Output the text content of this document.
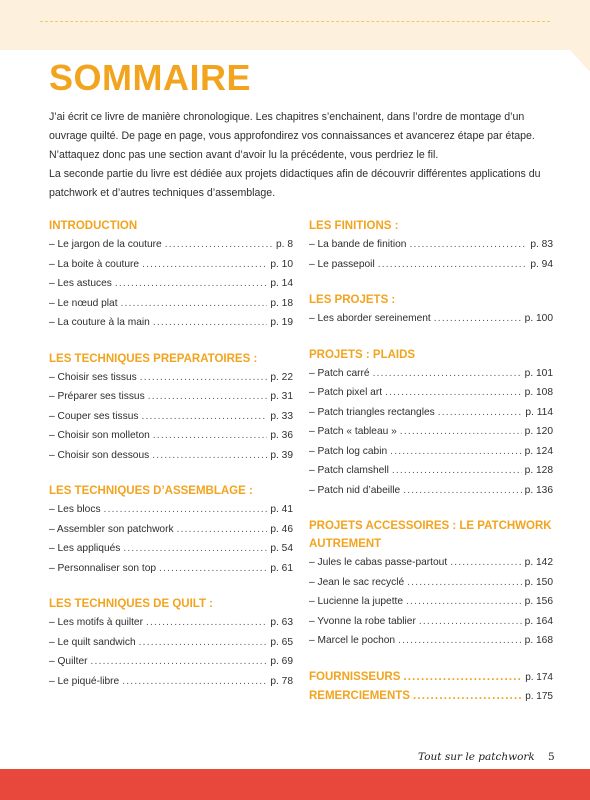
SOMMAIRE

J’ai écrit ce livre de manière chronologique. Les chapitres s’enchainent, dans l’ordre de montage d’un ouvrage quilté. De page en page, vous approfondirez vos connaissances et avancerez étape par étape. N’attaquez donc pas une section avant d’avoir lu la précédente, vous perdriez le fil.

La seconde partie du livre est dédiée aux projets didactiques afin de découvrir différentes applications du patchwork et d’autres techniques d’assemblage.

INTRODUCTION
– Le jargon de la couture .....	p. 8
– La boite à couture .....	p. 10
– Les astuces .....	p. 14
– Le nœud plat .....	p. 18
– La couture à la main .....	p. 19
LES TECHNIQUES PREPARATOIRES :
– Choisir ses tissus .....	p. 22
– Préparer ses tissus .....	p. 31
– Couper ses tissus .....	p. 33
– Choisir son molleton .....	p. 36
– Choisir son dessous .....	p. 39
LES TECHNIQUES D’ASSEMBLAGE :
– Les blocs .....	p. 41
– Assembler son patchwork .....	p. 46
– Les appliqués .....	p. 54
– Personnaliser son top .....	p. 61
LES TECHNIQUES DE QUILT :
– Les motifs à quilter .....	p. 63
– Le quilt sandwich .....	p. 65
– Quilter .....	p. 69
– Le piqué-libre .....	p. 78
LES FINITIONS :
– La bande de finition .....	p. 83
– Le passepoil .....	p. 94
LES PROJETS :
– Les aborder sereinement .....	p. 100
PROJETS : PLAIDS
– Patch carré .....	p. 101
– Patch pixel art .....	p. 108
– Patch triangles rectangles .....	p. 114
– Patch « tableau » .....	p. 120
– Patch log cabin .....	p. 124
– Patch clamshell .....	p. 128
– Patch nid d’abeille .....	p. 136
PROJETS ACCESSOIRES : LE PATCHWORK
AUTREMENT
– Jules le cabas passe-partout .....	p. 142
– Jean le sac recyclé .....	p. 150
– Lucienne la jupette .....	p. 156
– Yvonne la robe tablier .....	p. 164
– Marcel le pochon .....	p. 168
FOURNISSEURS .....	p. 174
REMERCIEMENTS .....	p. 175
Tout sur le patchwork 5
